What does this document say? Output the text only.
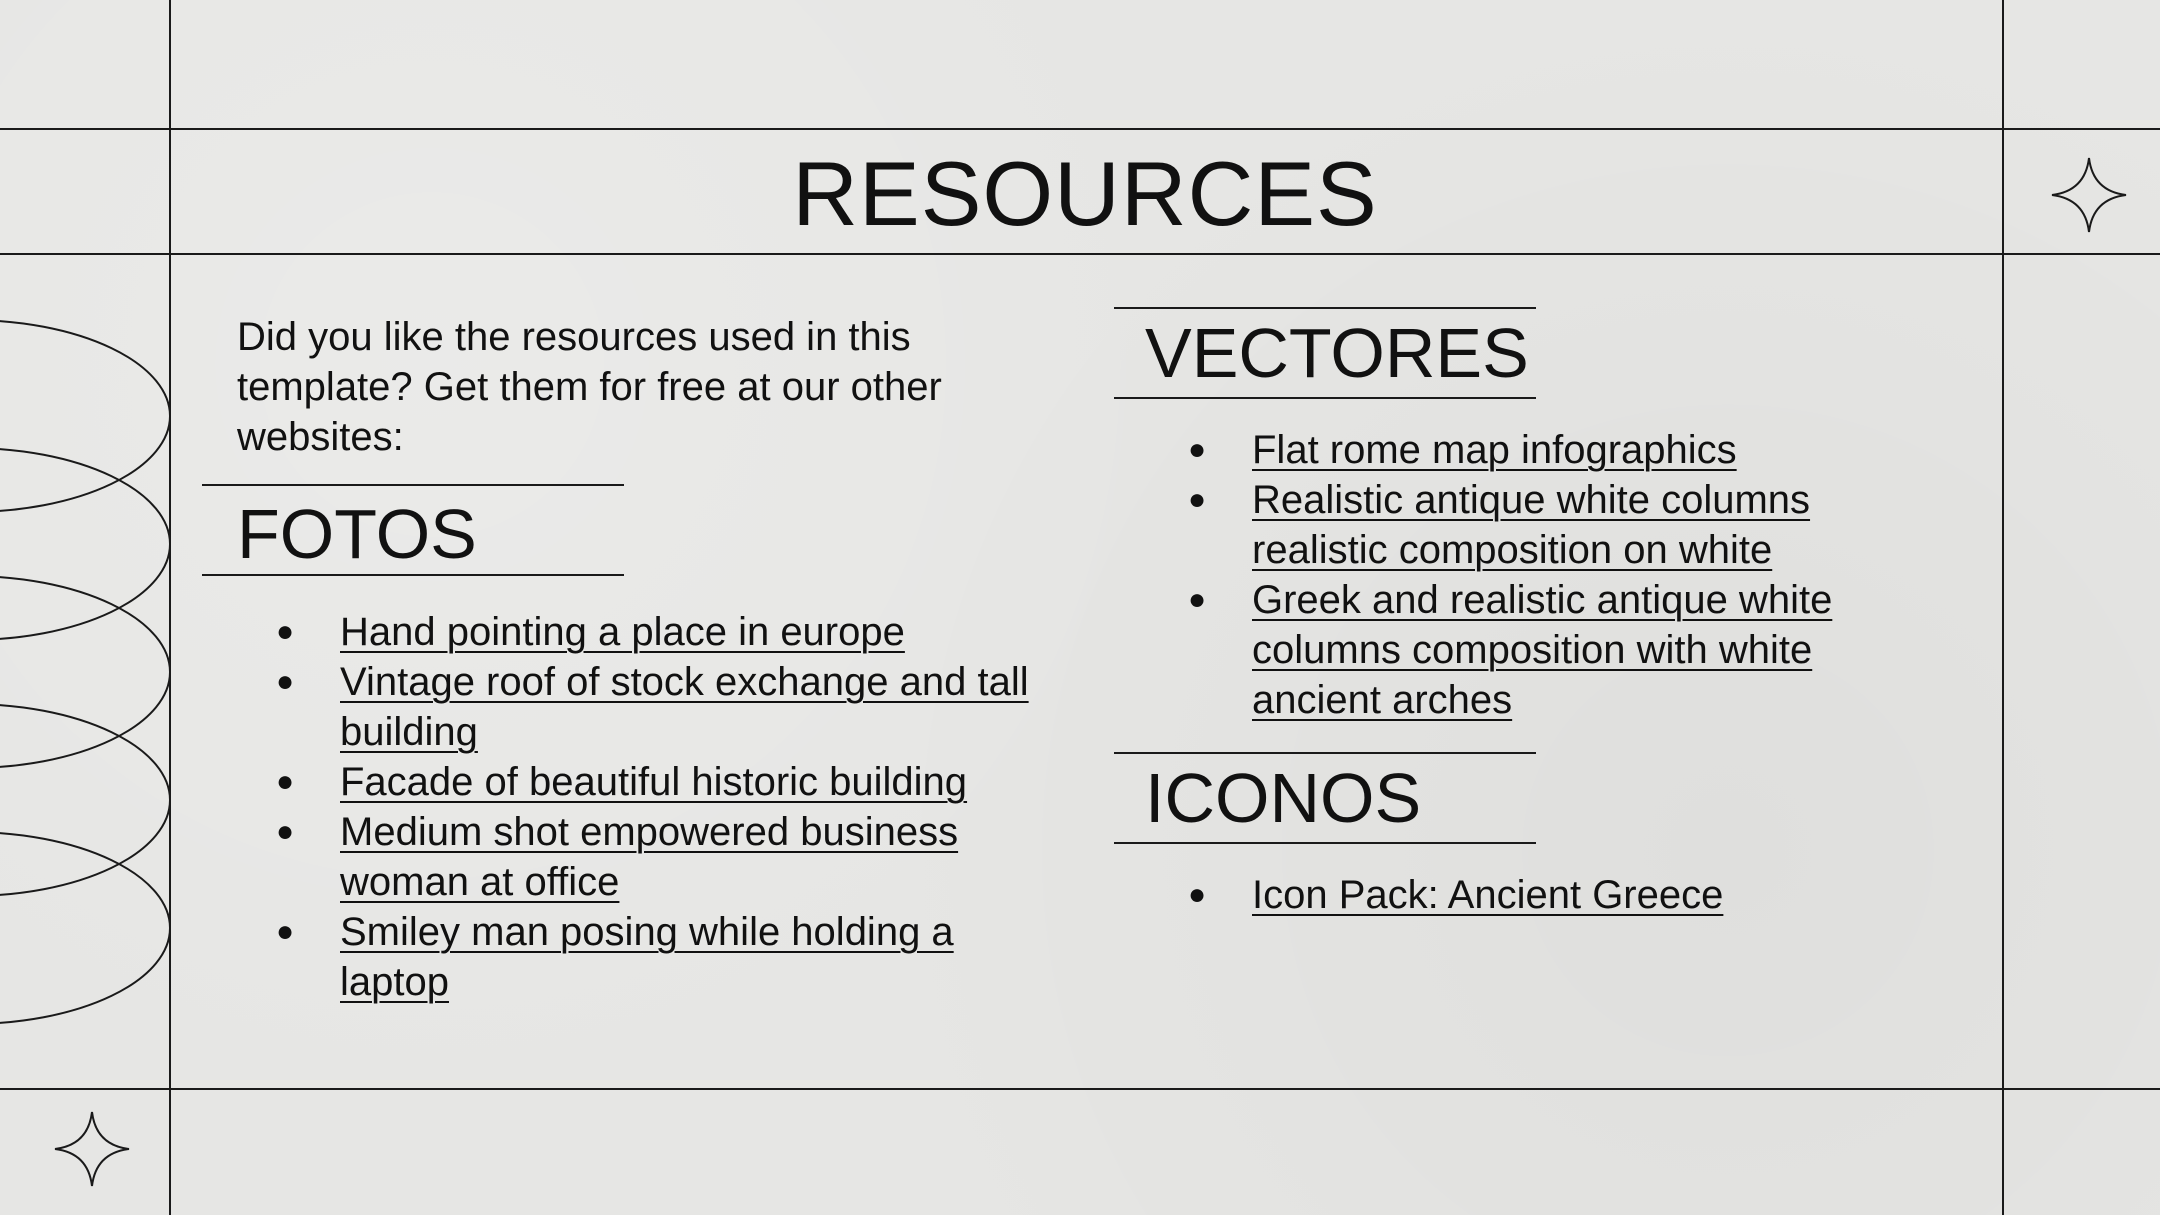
RESOURCES

Did you like the resources used in this template? Get them for free at our other websites:

FOTOS
● Hand pointing a place in europe
● Vintage roof of stock exchange and tall building
● Facade of beautiful historic building
● Medium shot empowered business woman at office
● Smiley man posing while holding a laptop
VECTORES
● Flat rome map infographics
● Realistic antique white columns realistic composition on white
● Greek and realistic antique white columns composition with white ancient arches
ICONOS
● Icon Pack: Ancient Greece
